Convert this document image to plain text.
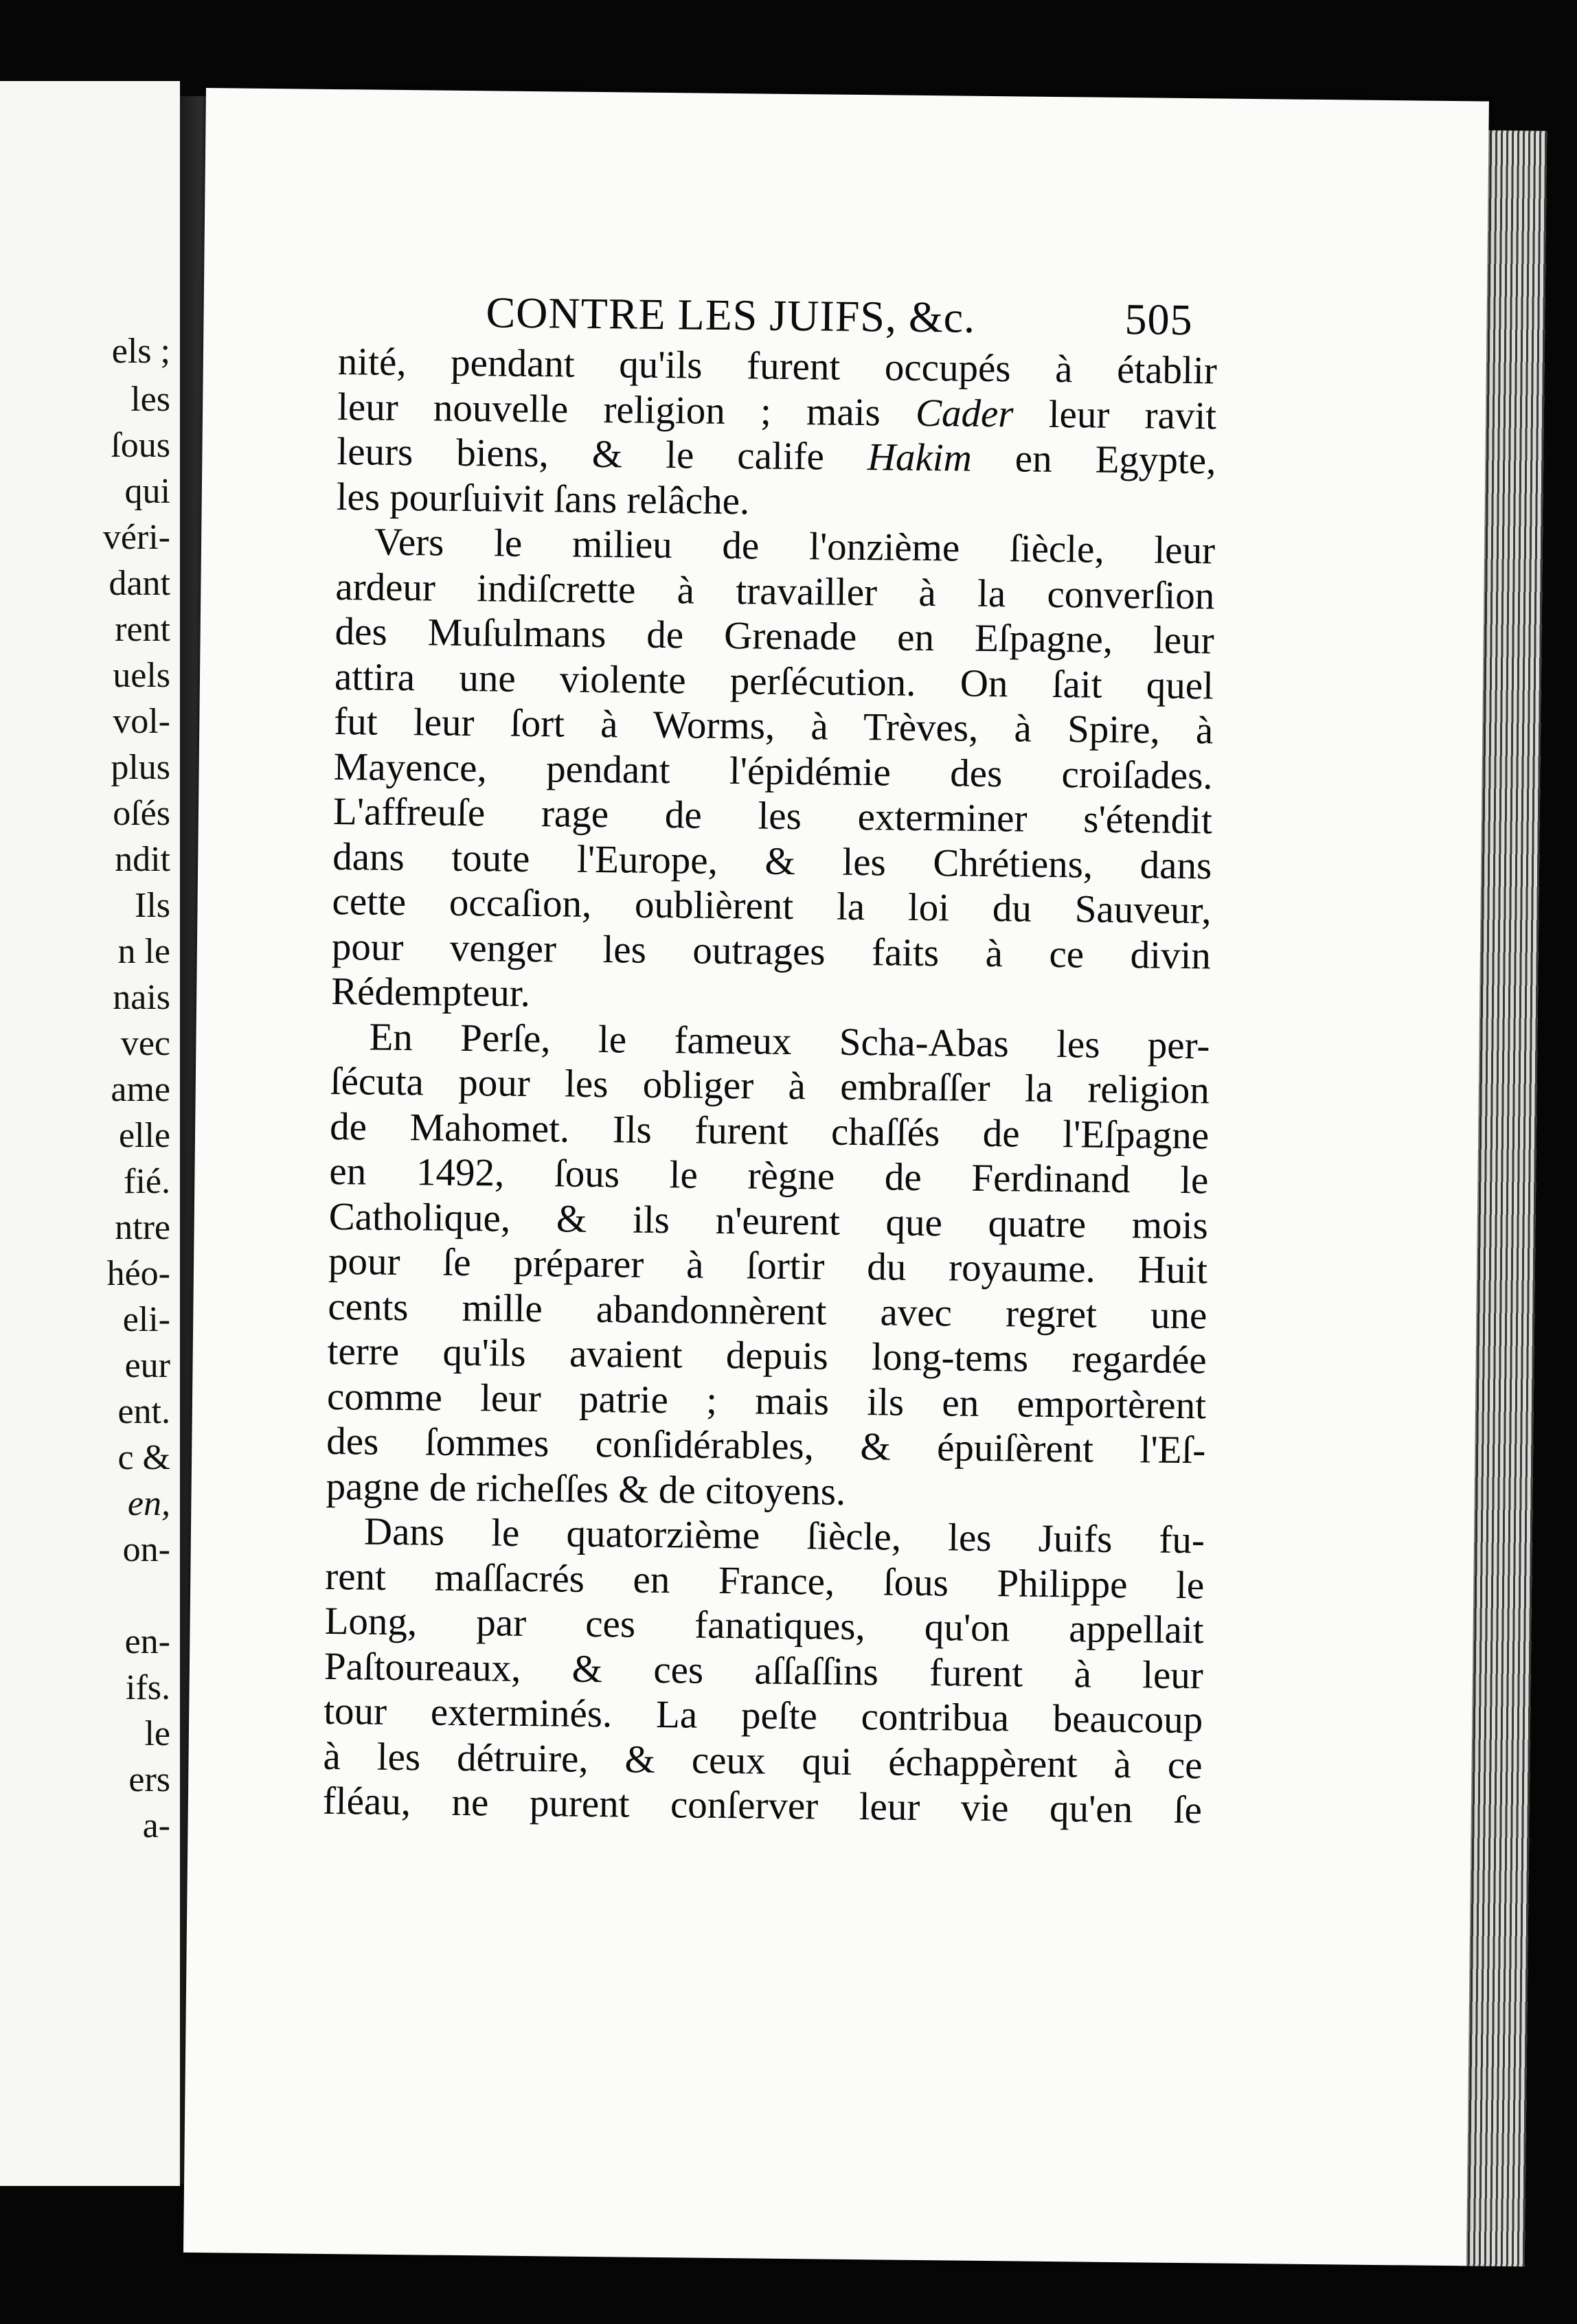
els ;
les
ſous
qui
véri-
dant
rent
uels
vol-
plus
oſés
ndit
Ils
n le
nais
vec
ame
elle
fié.
ntre
héo-
eli-
eur
ent.
c &
en,
on-
en-
ifs.
le
ers
a-
CONTRE LES JUIFS, &c.	505
nité, pendant qu'ils furent occupés à établir
leur nouvelle religion ; mais Cader leur ravit
leurs biens, & le calife Hakim en Egypte,
les pourſuivit ſans relâche.
Vers le milieu de l'onzième ſiècle, leur
ardeur indiſcrette à travailler à la converſion
des Muſulmans de Grenade en Eſpagne, leur
attira une violente perſécution. On ſait quel
fut leur ſort à Worms, à Trèves, à Spire, à
Mayence, pendant l'épidémie des croiſades.
L'affreuſe rage de les exterminer s'étendit
dans toute l'Europe, & les Chrétiens, dans
cette occaſion, oublièrent la loi du Sauveur,
pour venger les outrages faits à ce divin
Rédempteur.
En Perſe, le fameux Scha-Abas les per-
ſécuta pour les obliger à embraſſer la religion
de Mahomet. Ils furent chaſſés de l'Eſpagne
en 1492, ſous le règne de Ferdinand le
Catholique, & ils n'eurent que quatre mois
pour ſe préparer à ſortir du royaume. Huit
cents mille abandonnèrent avec regret une
terre qu'ils avaient depuis long-tems regardée
comme leur patrie ; mais ils en emportèrent
des ſommes conſidérables, & épuiſèrent l'Eſ-
pagne de richeſſes & de citoyens.
Dans le quatorzième ſiècle, les Juifs fu-
rent maſſacrés en France, ſous Philippe le
Long, par ces fanatiques, qu'on appellait
Paſtoureaux, & ces aſſaſſins furent à leur
tour exterminés. La peſte contribua beaucoup
à les détruire, & ceux qui échappèrent à ce
fléau, ne purent conſerver leur vie qu'en ſe
